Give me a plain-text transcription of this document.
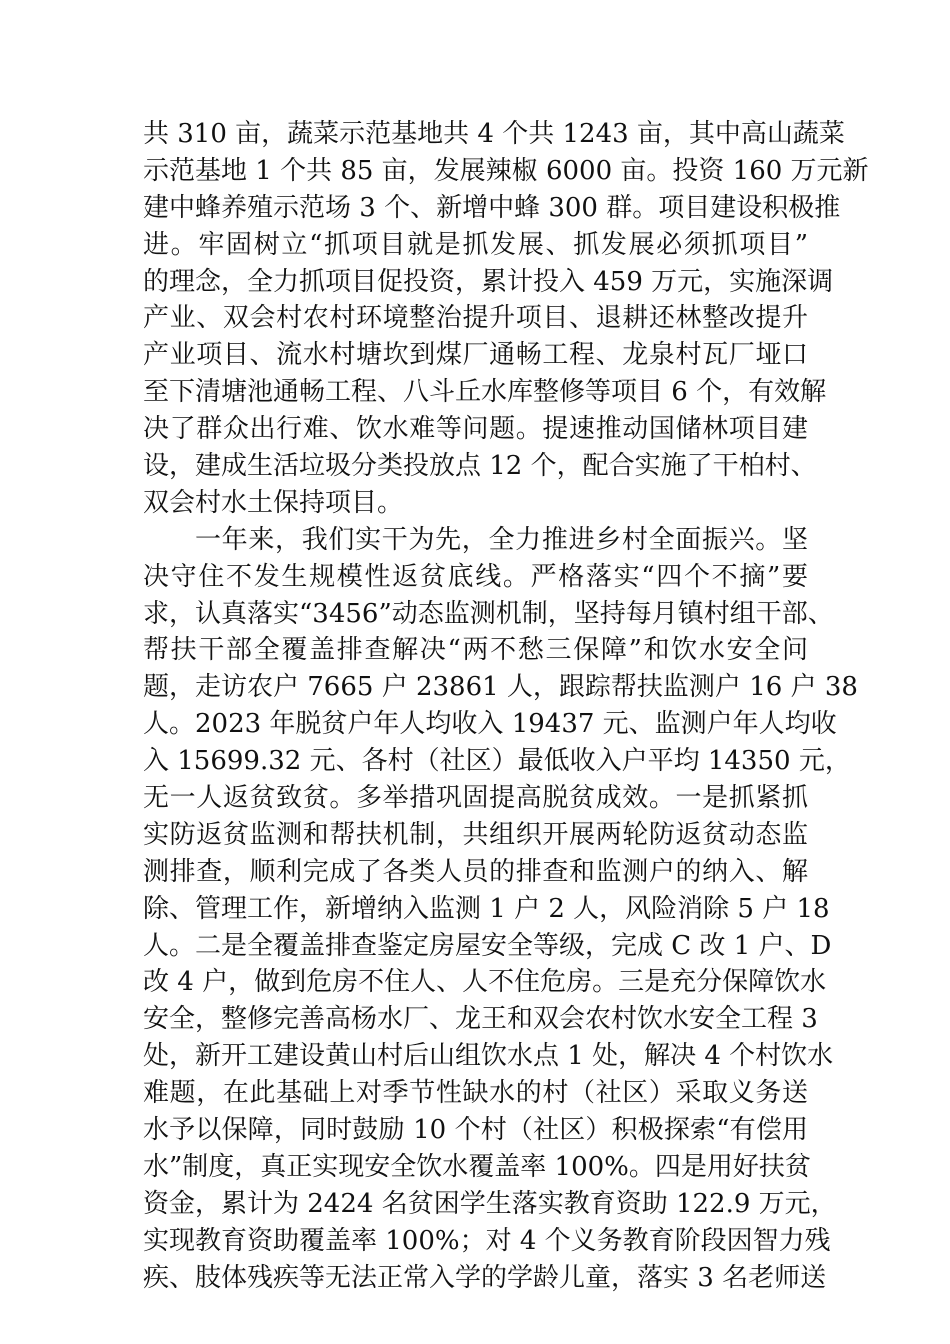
共 310 亩，蔬菜示范基地共 4 个共 1243 亩，其中高山蔬菜
示范基地 1 个共 85 亩，发展辣椒 6000 亩。投资 160 万元新
建中蜂养殖示范场 3 个、新增中蜂 300 群。项目建设积极推
进。牢固树立“抓项目就是抓发展、抓发展必须抓项目”
的理念，全力抓项目促投资，累计投入 459 万元，实施深调
产业、双会村农村环境整治提升项目、退耕还林整改提升
产业项目、流水村塘坎到煤厂通畅工程、龙泉村瓦厂垭口
至下清塘池通畅工程、八斗丘水库整修等项目 6 个，有效解
决了群众出行难、饮水难等问题。提速推动国储林项目建
设，建成生活垃圾分类投放点 12 个，配合实施了干柏村、
双会村水土保持项目。
一年来，我们实干为先，全力推进乡村全面振兴。坚
决守住不发生规模性返贫底线。严格落实“四个不摘”要
求，认真落实“3456”动态监测机制，坚持每月镇村组干部、
帮扶干部全覆盖排查解决“两不愁三保障”和饮水安全问
题，走访农户 7665 户 23861 人，跟踪帮扶监测户 16 户 38
人。2023 年脱贫户年人均收入 19437 元、监测户年人均收
入 15699.32 元、各村（社区）最低收入户平均 14350 元，
无一人返贫致贫。多举措巩固提高脱贫成效。一是抓紧抓
实防返贫监测和帮扶机制，共组织开展两轮防返贫动态监
测排查，顺利完成了各类人员的排查和监测户的纳入、解
除、管理工作，新增纳入监测 1 户 2 人，风险消除 5 户 18
人。二是全覆盖排查鉴定房屋安全等级，完成 C 改 1 户、D
改 4 户，做到危房不住人、人不住危房。三是充分保障饮水
安全，整修完善高杨水厂、龙王和双会农村饮水安全工程 3
处，新开工建设黄山村后山组饮水点 1 处，解决 4 个村饮水
难题，在此基础上对季节性缺水的村（社区）采取义务送
水予以保障，同时鼓励 10 个村（社区）积极探索“有偿用
水”制度，真正实现安全饮水覆盖率 100%。四是用好扶贫
资金，累计为 2424 名贫困学生落实教育资助 122.9 万元，
实现教育资助覆盖率 100%；对 4 个义务教育阶段因智力残
疾、肢体残疾等无法正常入学的学龄儿童，落实 3 名老师送
